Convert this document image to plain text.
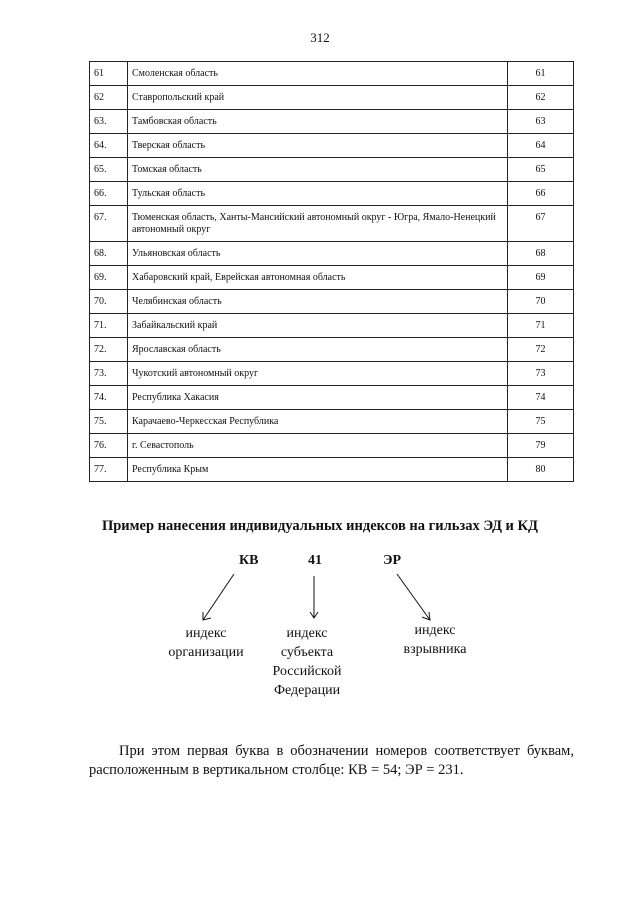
312
61	Смоленская область	61
62	Ставропольский край	62
63.	Тамбовская область	63
64.	Тверская область	64
65.	Томская область	65
66.	Тульская область	66
67.	Тюменская область, Ханты-Мансийский автономный округ - Югра, Ямало-Ненецкий автономный округ	67
68.	Ульяновская область	68
69.	Хабаровский край, Еврейская автономная область	69
70.	Челябинская область	70
71.	Забайкальский край	71
72.	Ярославская область	72
73.	Чукотский автономный округ	73
74.	Республика Хакасия	74
75.	Карачаево-Черкесская Республика	75
76.	г. Севастополь	79
77.	Республика Крым	80
Пример нанесения индивидуальных индексов на гильзах ЭД и КД
КВ	41	ЭР
индекс
организации
индекс
субъекта
Российской
Федерации
индекс
взрывника
При этом первая буква в обозначении номеров соответствует буквам, расположенным в вертикальном столбце: КВ = 54; ЭР = 231.
